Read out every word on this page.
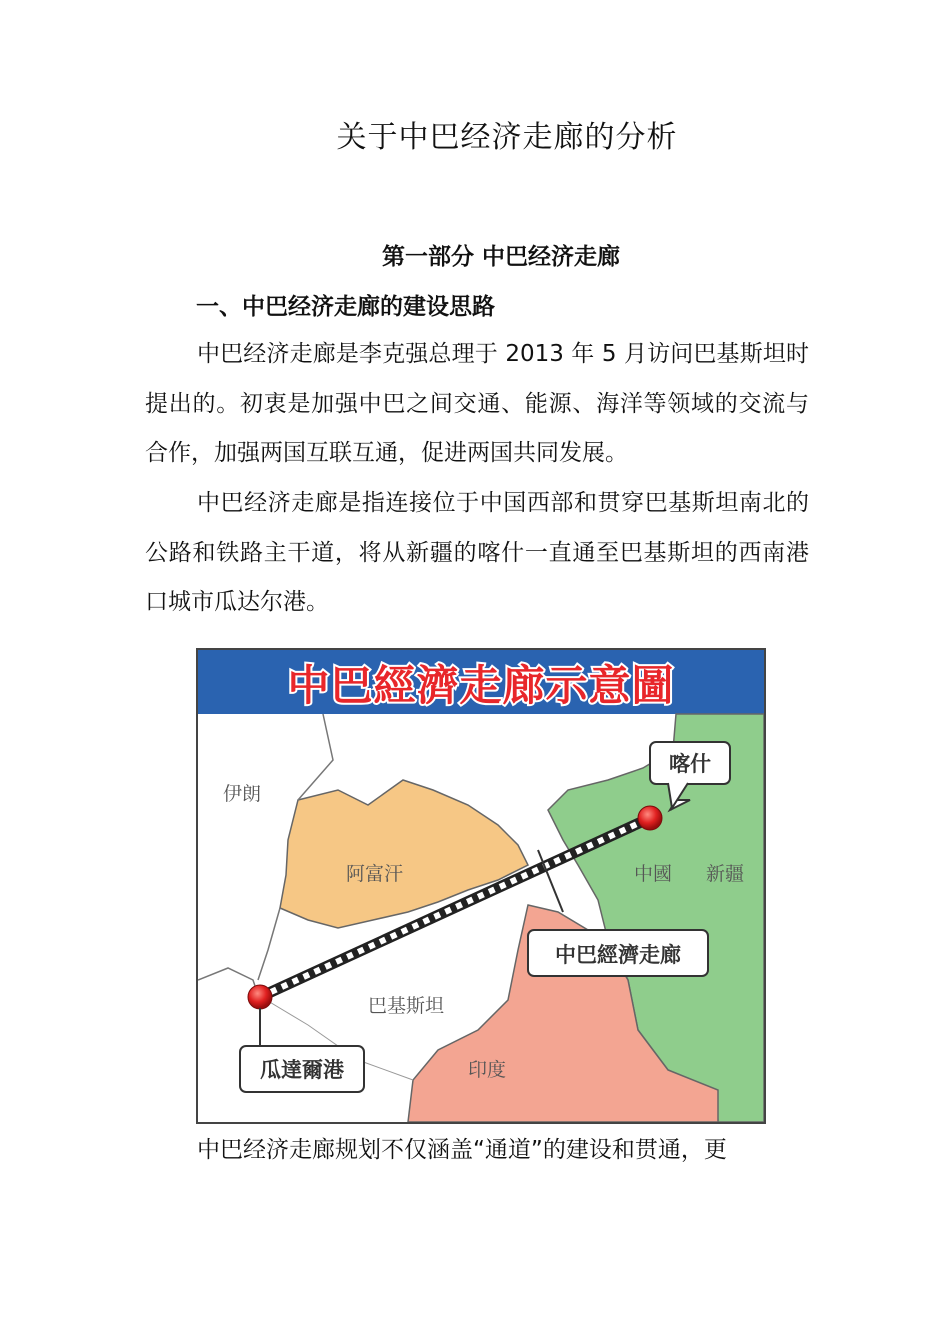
关于中巴经济走廊的分析
第一部分 中巴经济走廊
一、中巴经济走廊的建设思路
中巴经济走廊是李克强总理于 2013 年 5 月访问巴基斯坦时提出的。初衷是加强中巴之间交通、能源、海洋等领域的交流与合作，加强两国互联互通，促进两国共同发展。
中巴经济走廊是指连接位于中国西部和贯穿巴基斯坦南北的公路和铁路主干道，将从新疆的喀什一直通至巴基斯坦的西南港口城市瓜达尔港。
中巴經濟走廊示意圖
伊朗
阿富汗
巴基斯坦
印度
中國 新疆
喀什
中巴經濟走廊
瓜達爾港
中巴经济走廊规划不仅涵盖“通道”的建设和贯通，更
